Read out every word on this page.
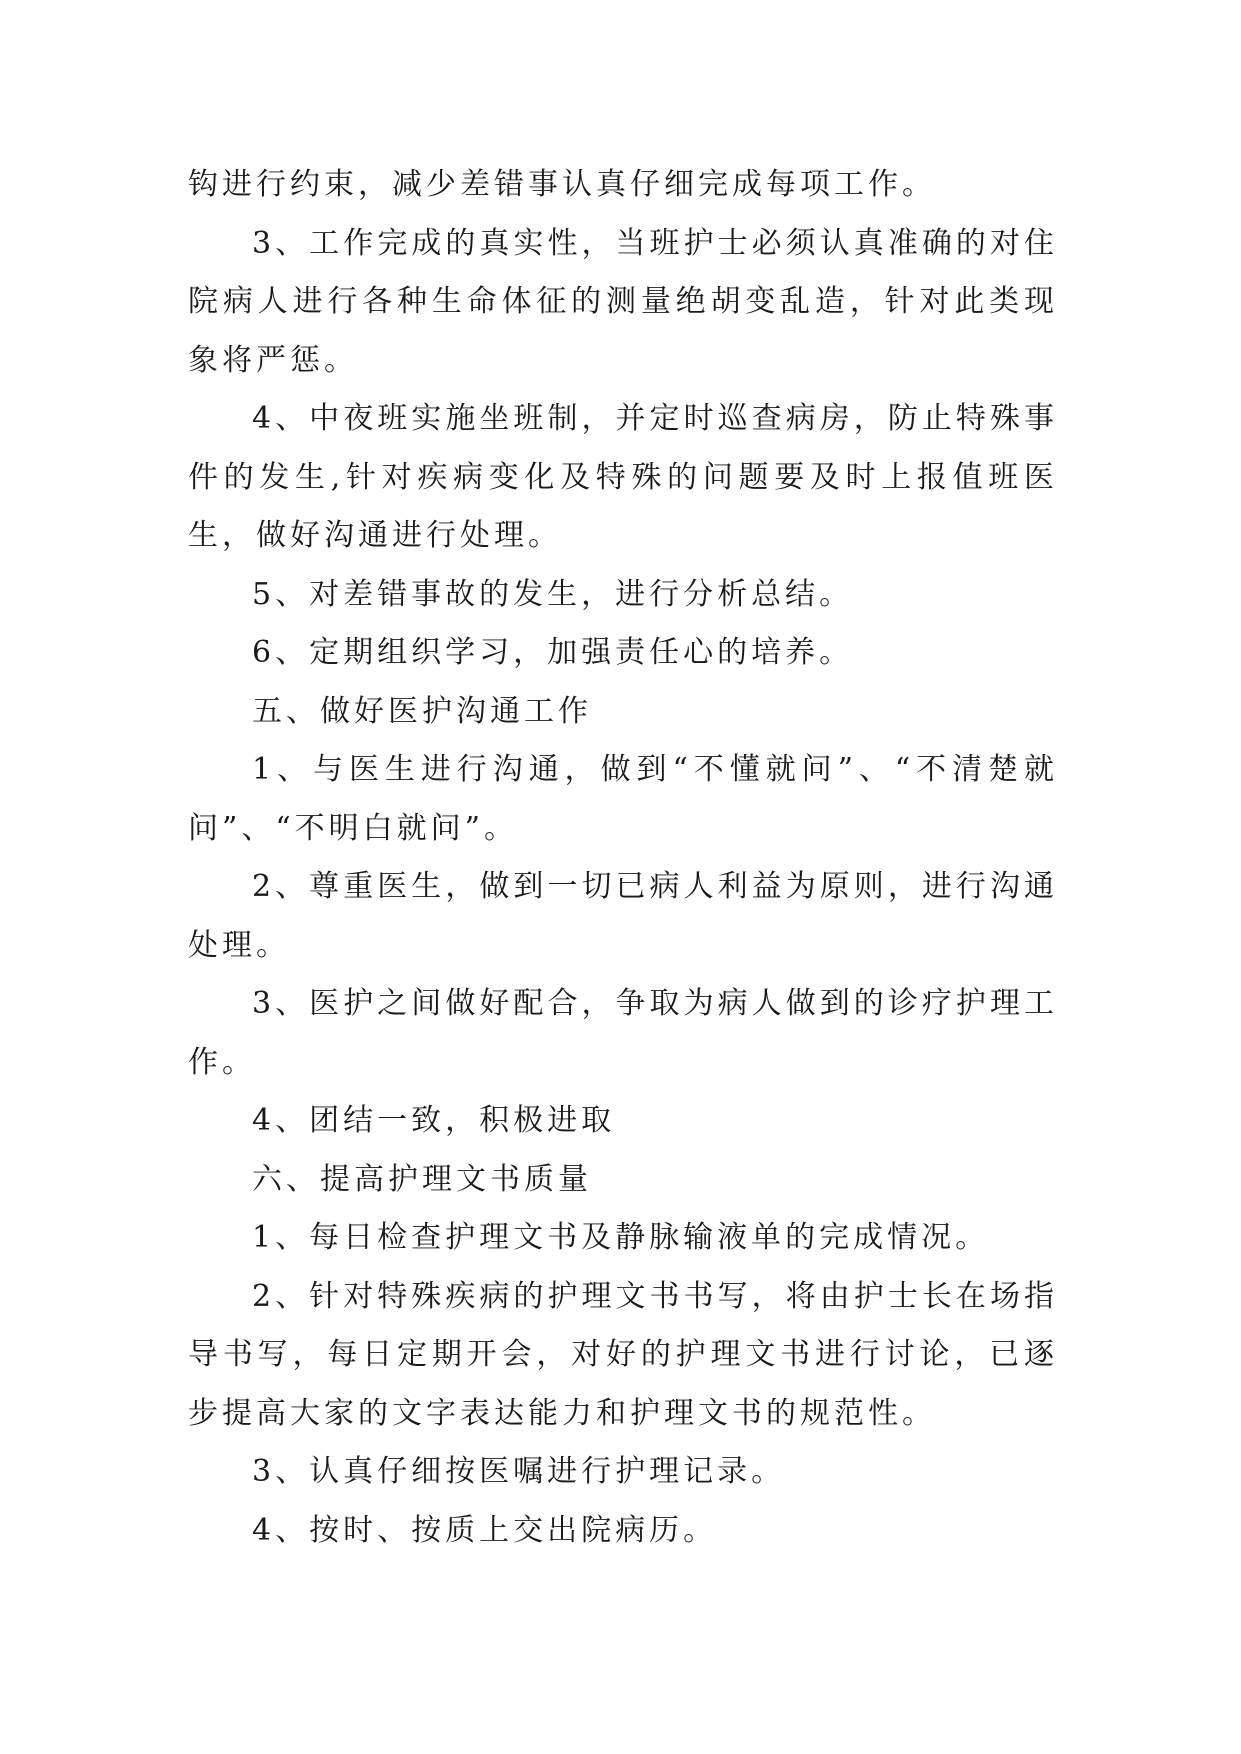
钩进行约束，减少差错事认真仔细完成每项工作。

3、工作完成的真实性，当班护士必须认真准确的对住院病人进行各种生命体征的测量绝胡变乱造，针对此类现象将严惩。

4、中夜班实施坐班制，并定时巡查病房，防止特殊事件的发生,针对疾病变化及特殊的问题要及时上报值班医生，做好沟通进行处理。

5、对差错事故的发生，进行分析总结。

6、定期组织学习，加强责任心的培养。

五、做好医护沟通工作

1、与医生进行沟通，做到“不懂就问”、“不清楚就问”、“不明白就问”。

2、尊重医生，做到一切已病人利益为原则，进行沟通处理。

3、医护之间做好配合，争取为病人做到的诊疗护理工作。

4、团结一致，积极进取

六、提高护理文书质量

1、每日检查护理文书及静脉输液单的完成情况。

2、针对特殊疾病的护理文书书写，将由护士长在场指导书写，每日定期开会，对好的护理文书进行讨论，已逐步提高大家的文字表达能力和护理文书的规范性。

3、认真仔细按医嘱进行护理记录。

4、按时、按质上交出院病历。
